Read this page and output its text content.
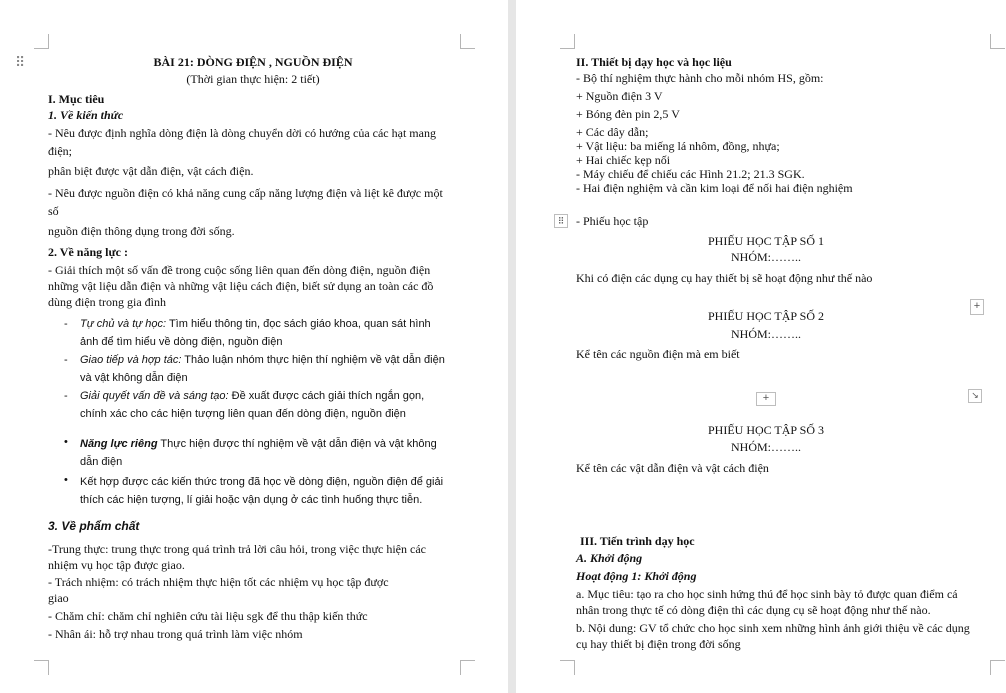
⠿	BÀI 21: DÒNG ĐIỆN , NGUỒN ĐIỆN
(Thời gian thực hiện: 2 tiết)
I. Mục tiêu
1. Về kiến thức
- Nêu được định nghĩa dòng điện là dòng chuyển dời có hướng của các hạt mang
điện;
phân biệt được vật dẫn điện, vật cách điện.
- Nêu được nguồn điện có khả năng cung cấp năng lượng điện và liệt kê được một
số
nguồn điện thông dụng trong đời sống.
2. Về năng lực :
- Giải thích một số vấn đề trong cuộc sống liên quan đến dòng điện, nguồn điện
những vật liệu dẫn điện và những vật liệu cách điện, biết sử dụng an toàn các đồ
dùng điện trong gia đình
- Tự chủ và tự học: Tìm hiểu thông tin, đọc sách giáo khoa, quan sát hình
ảnh để tìm hiểu về dòng điện, nguồn điện
- Giao tiếp và hợp tác: Thảo luận nhóm thực hiện thí nghiệm về vật dẫn điện
và vật không dẫn điện
- Giải quyết vấn đề và sáng tạo: Đề xuất được cách giải thích ngắn gọn,
chính xác cho các hiện tượng liên quan đến dòng điện, nguồn điện
• Năng lực riêng Thực hiện được thí nghiệm về vật dẫn điện và vật không
dẫn điện
• Kết hợp được các kiến thức trong đã học về dòng điện, nguồn điện để giải
thích các hiện tượng, lí giải hoặc vận dụng ở các tình huống thực tiễn.
3. Về phẩm chất
-Trung thực: trung thực trong quá trình trả lời câu hỏi, trong việc thực hiện các
nhiệm vụ học tập được giao.
- Trách nhiệm: có trách nhiệm thực hiện tốt các nhiệm vụ học tập được
giao
- Chăm chỉ: chăm chỉ nghiên cứu tài liệu sgk để thu thập kiến thức
- Nhân ái: hỗ trợ nhau trong quá trình làm việc nhóm
II. Thiết bị dạy học và học liệu
- Bộ thí nghiệm thực hành cho mỗi nhóm HS, gồm:
+ Nguồn điện 3 V
+ Bóng đèn pin 2,5 V
+ Các dây dẫn;
+ Vật liệu: ba miếng lá nhôm, đồng, nhựa;
+ Hai chiếc kẹp nối
- Máy chiếu để chiếu các Hình 21.2; 21.3 SGK.
- Hai điện nghiệm và cần kim loại để nối hai điện nghiệm
⠿ - Phiếu học tập
PHIẾU HỌC TẬP SỐ 1
NHÓM:……..
Khi có điện các dụng cụ hay thiết bị sẽ hoạt động như thế nào
+
PHIẾU HỌC TẬP SỐ 2
NHÓM:……..
Kể tên các nguồn điện mà em biết
+	↘
PHIẾU HỌC TẬP SỐ 3
NHÓM:……..
Kể tên các vật dẫn điện và vật cách điện
III. Tiến trình dạy học
A. Khởi động
Hoạt động 1: Khởi động
a. Mục tiêu: tạo ra cho học sinh hứng thú để học sinh bày tỏ được quan điểm cá
nhân trong thực tế có dòng điện thì các dụng cụ sẽ hoạt động như thế nào.
b. Nội dung: GV tổ chức cho học sinh xem những hình ảnh giới thiệu về các dụng
cụ hay thiết bị điện trong đời sống
